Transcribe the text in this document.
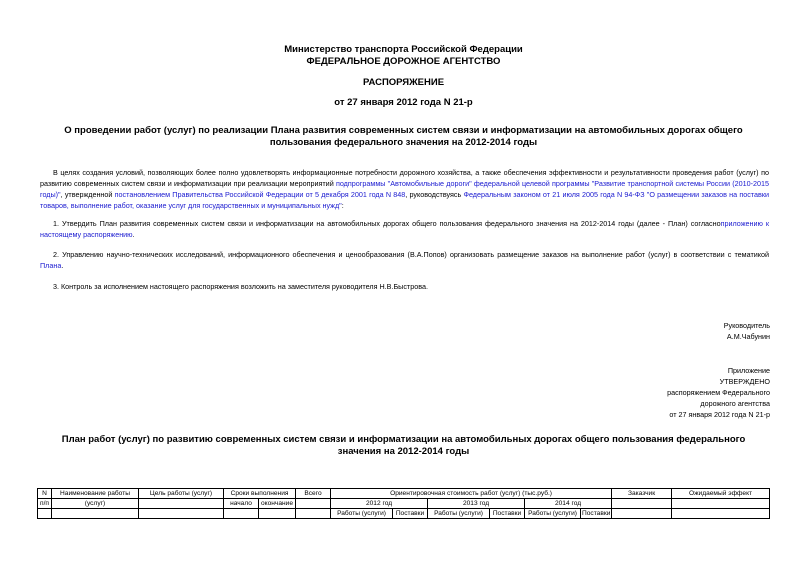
Министерство транспорта Российской Федерации
ФЕДЕРАЛЬНОЕ ДОРОЖНОЕ АГЕНТСТВО
РАСПОРЯЖЕНИЕ
от 27 января 2012 года N 21-р
О проведении работ (услуг) по реализации Плана развития современных систем связи и информатизации на автомобильных дорогах общего пользования федерального значения на 2012-2014 годы
В целях создания условий, позволяющих более полно удовлетворять информационные потребности дорожного хозяйства, а также обеспечения эффективности и результативности проведения работ (услуг) по развитию современных систем связи и информатизации при реализации мероприятий подпрограммы "Автомобильные дороги" федеральной целевой программы "Развитие транспортной системы России (2010-2015 годы)", утвержденной постановлением Правительства Российской Федерации от 5 декабря 2001 года N 848, руководствуясь Федеральным законом от 21 июля 2005 года N 94-ФЗ "О размещении заказов на поставки товаров, выполнение работ, оказание услуг для государственных и муниципальных нужд":
1. Утвердить План развития современных систем связи и информатизации на автомобильных дорогах общего пользования федерального значения на 2012-2014 годы (далее - План) согласноприложению к настоящему распоряжению.
2. Управлению научно-технических исследований, информационного обеспечения и ценообразования (В.А.Попов) организовать размещение заказов на выполнение работ (услуг) в соответствии с тематикой Плана.
3. Контроль за исполнением настоящего распоряжения возложить на заместителя руководителя Н.В.Быстрова.
Руководитель
А.М.Чабунин
Приложение
УТВЕРЖДЕНО
распоряжением Федерального
дорожного агентства
от 27 января 2012 года N 21-р
План работ (услуг) по развитию современных систем связи и информатизации на автомобильных дорогах общего пользования федерального значения на 2012-2014 годы
N	Наименование работы	Цель работы (услуг)	Сроки выполнения		Всего	Ориентировочная стоимость работ (услуг) (тыс.руб.)						Заказчик	Ожидаемый эффект
п/п	(услуг)		начало	окончание		2012 год		2013 год		2014 год			
						Работы (услуги)	Поставки	Работы (услуги)	Поставки	Работы (услуги)	Поставки		
